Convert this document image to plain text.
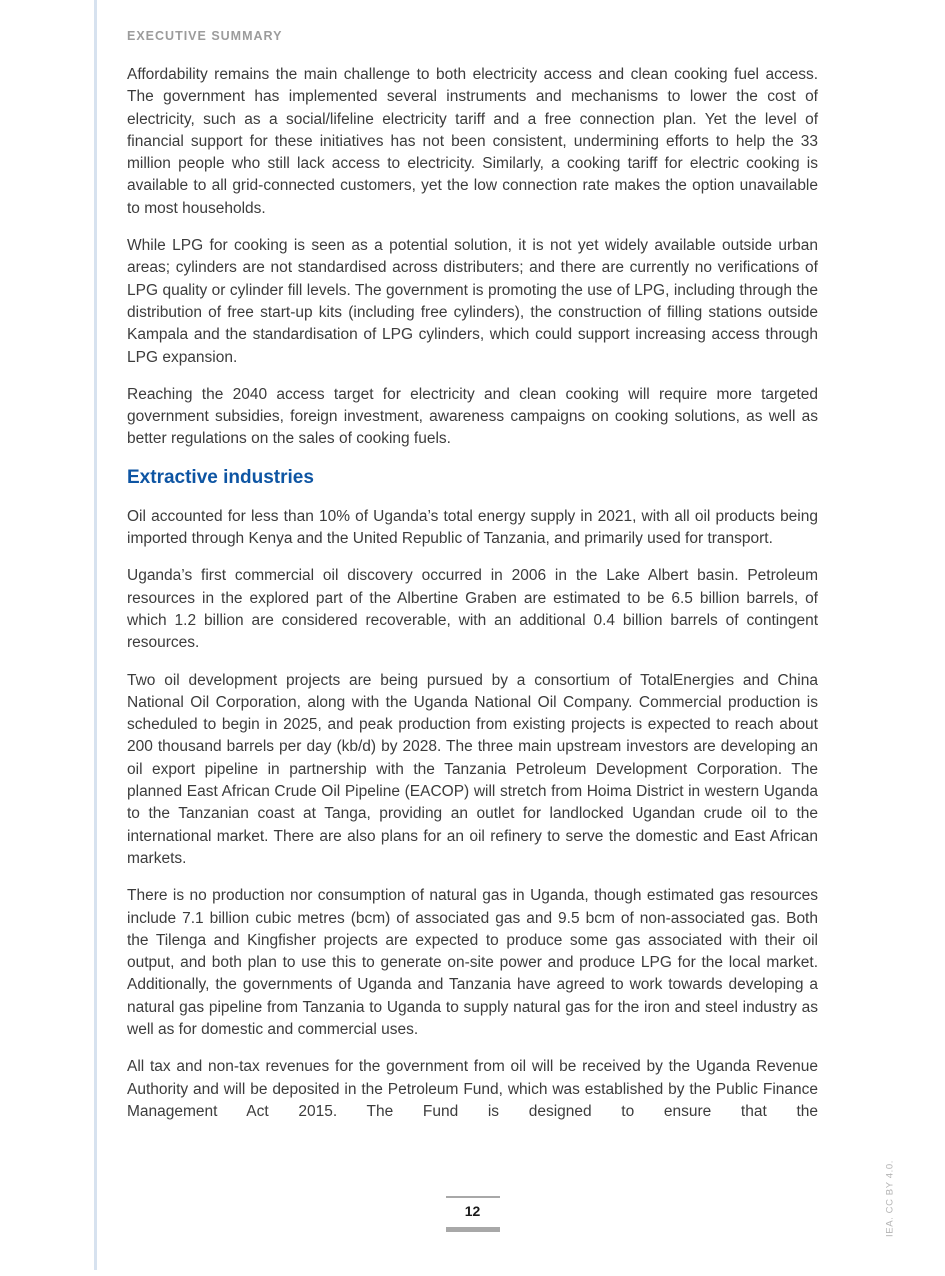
EXECUTIVE SUMMARY

Affordability remains the main challenge to both electricity access and clean cooking fuel access. The government has implemented several instruments and mechanisms to lower the cost of electricity, such as a social/lifeline electricity tariff and a free connection plan. Yet the level of financial support for these initiatives has not been consistent, undermining efforts to help the 33 million people who still lack access to electricity. Similarly, a cooking tariff for electric cooking is available to all grid-connected customers, yet the low connection rate makes the option unavailable to most households.

While LPG for cooking is seen as a potential solution, it is not yet widely available outside urban areas; cylinders are not standardised across distributers; and there are currently no verifications of LPG quality or cylinder fill levels. The government is promoting the use of LPG, including through the distribution of free start-up kits (including free cylinders), the construction of filling stations outside Kampala and the standardisation of LPG cylinders, which could support increasing access through LPG expansion.

Reaching the 2040 access target for electricity and clean cooking will require more targeted government subsidies, foreign investment, awareness campaigns on cooking solutions, as well as better regulations on the sales of cooking fuels.

Extractive industries

Oil accounted for less than 10% of Uganda’s total energy supply in 2021, with all oil products being imported through Kenya and the United Republic of Tanzania, and primarily used for transport.

Uganda’s first commercial oil discovery occurred in 2006 in the Lake Albert basin. Petroleum resources in the explored part of the Albertine Graben are estimated to be 6.5 billion barrels, of which 1.2 billion are considered recoverable, with an additional 0.4 billion barrels of contingent resources.

Two oil development projects are being pursued by a consortium of TotalEnergies and China National Oil Corporation, along with the Uganda National Oil Company. Commercial production is scheduled to begin in 2025, and peak production from existing projects is expected to reach about 200 thousand barrels per day (kb/d) by 2028. The three main upstream investors are developing an oil export pipeline in partnership with the Tanzania Petroleum Development Corporation. The planned East African Crude Oil Pipeline (EACOP) will stretch from Hoima District in western Uganda to the Tanzanian coast at Tanga, providing an outlet for landlocked Ugandan crude oil to the international market. There are also plans for an oil refinery to serve the domestic and East African markets.

There is no production nor consumption of natural gas in Uganda, though estimated gas resources include 7.1 billion cubic metres (bcm) of associated gas and 9.5 bcm of non-associated gas. Both the Tilenga and Kingfisher projects are expected to produce some gas associated with their oil output, and both plan to use this to generate on-site power and produce LPG for the local market. Additionally, the governments of Uganda and Tanzania have agreed to work towards developing a natural gas pipeline from Tanzania to Uganda to supply natural gas for the iron and steel industry as well as for domestic and commercial uses.

All tax and non-tax revenues for the government from oil will be received by the Uganda Revenue Authority and will be deposited in the Petroleum Fund, which was established by the Public Finance Management Act 2015. The Fund is designed to ensure that the

12	IEA. CC BY 4.0.
